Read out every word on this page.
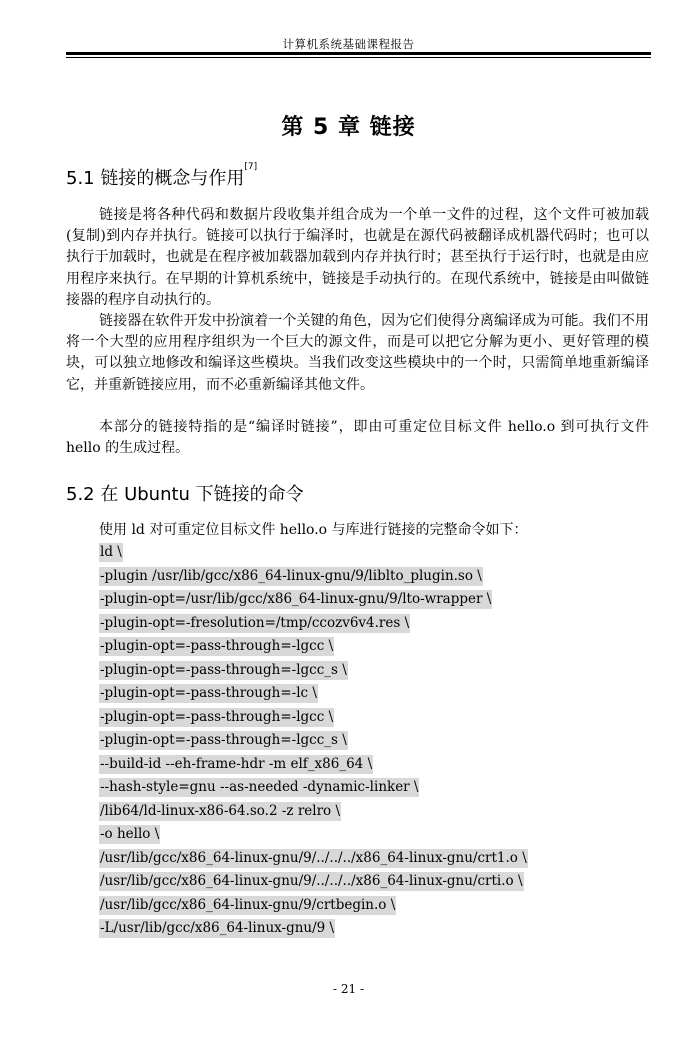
计算机系统基础课程报告
第 5 章 链接
5.1 链接的概念与作用[7]

链接是将各种代码和数据片段收集并组合成为一个单一文件的过程，这个文件可被加载(复制)到内存并执行。链接可以执行于编泽时，也就是在源代码被翻译成机器代码时；也可以执行于加载时，也就是在程序被加载器加载到内存并执行时；甚至执行于运行时，也就是由应用程序来执行。在早期的计算机系统中，链接是手动执行的。在现代系统中，链接是由叫做链接器的程序自动执行的。

链接器在软件开发中扮演着一个关键的角色，因为它们使得分离编译成为可能。我们不用将一个大型的应用程序组织为一个巨大的源文件，而是可以把它分解为更小、更好管理的模块，可以独立地修改和编译这些模块。当我们改变这些模块中的一个时，只需简单地重新编译它，并重新链接应用，而不必重新编译其他文件。

本部分的链接特指的是“编译时链接”，即由可重定位目标文件 hello.o 到可执行文件 hello 的生成过程。

5.2 在 Ubuntu 下链接的命令
使用 ld 对可重定位目标文件 hello.o 与库进行链接的完整命令如下：
ld \
-plugin /usr/lib/gcc/x86_64-linux-gnu/9/liblto_plugin.so \
-plugin-opt=/usr/lib/gcc/x86_64-linux-gnu/9/lto-wrapper \
-plugin-opt=-fresolution=/tmp/ccozv6v4.res \
-plugin-opt=-pass-through=-lgcc \
-plugin-opt=-pass-through=-lgcc_s \
-plugin-opt=-pass-through=-lc \
-plugin-opt=-pass-through=-lgcc \
-plugin-opt=-pass-through=-lgcc_s \
--build-id --eh-frame-hdr -m elf_x86_64 \
--hash-style=gnu --as-needed -dynamic-linker \
/lib64/ld-linux-x86-64.so.2 -z relro \
-o hello \
/usr/lib/gcc/x86_64-linux-gnu/9/../../../x86_64-linux-gnu/crt1.o \
/usr/lib/gcc/x86_64-linux-gnu/9/../../../x86_64-linux-gnu/crti.o \
/usr/lib/gcc/x86_64-linux-gnu/9/crtbegin.o \
-L/usr/lib/gcc/x86_64-linux-gnu/9 \
- 21 -
